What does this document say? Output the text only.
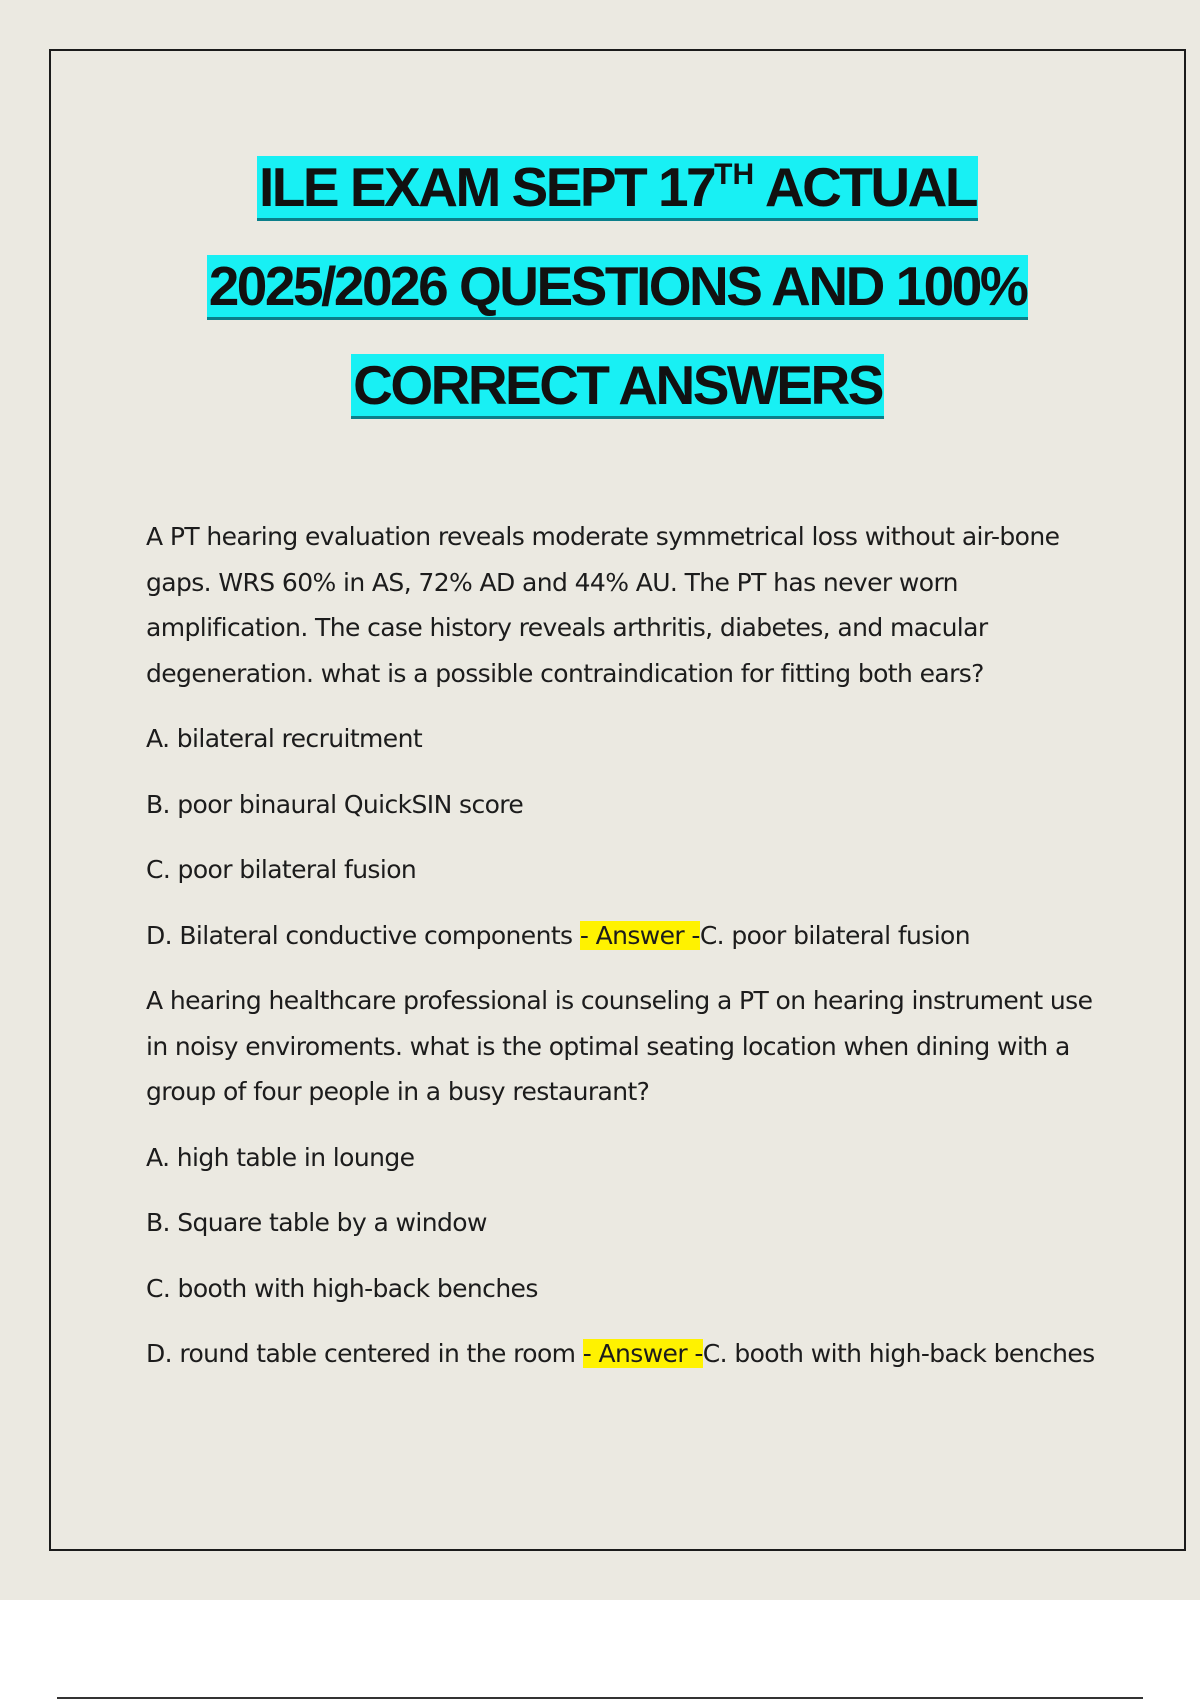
ILE EXAM SEPT 17TH ACTUAL
2025/2026 QUESTIONS AND 100%
CORRECT ANSWERS
A PT hearing evaluation reveals moderate symmetrical loss without air-bone gaps. WRS 60% in AS, 72% AD and 44% AU. The PT has never worn amplification. The case history reveals arthritis, diabetes, and macular degeneration. what is a possible contraindication for fitting both ears?
A. bilateral recruitment
B. poor binaural QuickSIN score
C. poor bilateral fusion
D. Bilateral conductive components - Answer -C. poor bilateral fusion
A hearing healthcare professional is counseling a PT on hearing instrument use in noisy enviroments. what is the optimal seating location when dining with a group of four people in a busy restaurant?
A. high table in lounge
B. Square table by a window
C. booth with high-back benches
D. round table centered in the room - Answer -C. booth with high-back benches
